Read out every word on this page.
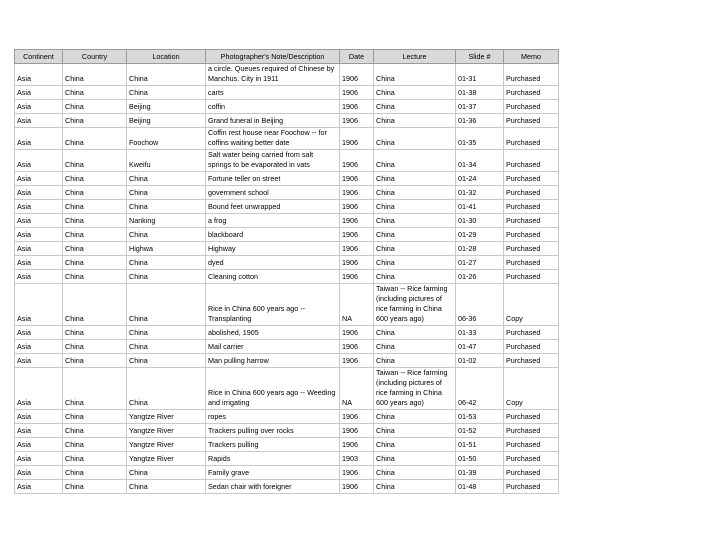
Continent	Country	Location	Photographer's Note/Description	Date	Lecture	Slide #	Memo
Asia	China	China	a circle. Queues required of Chinese by Manchus. City in 1911	1906	China	01-31	Purchased
Asia	China	China	carts	1906	China	01-38	Purchased
Asia	China	Beijing	coffin	1906	China	01-37	Purchased
Asia	China	Beijing	Grand funeral in Beijing	1906	China	01-36	Purchased
Asia	China	Foochow	Coffin rest house near Foochow -- for coffins waiting better date	1906	China	01-35	Purchased
Asia	China	Kweifu	Salt water being carried from salt springs to be evaporated in vats	1906	China	01-34	Purchased
Asia	China	China	Fortune teller on street	1906	China	01-24	Purchased
Asia	China	China	government school	1906	China	01-32	Purchased
Asia	China	China	Bound feet unwrapped	1906	China	01-41	Purchased
Asia	China	Nanking	a frog	1906	China	01-30	Purchased
Asia	China	China	blackboard	1906	China	01-29	Purchased
Asia	China	Highwa	Highway	1906	China	01-28	Purchased
Asia	China	China	dyed	1906	China	01-27	Purchased
Asia	China	China	Cleaning cotton	1906	China	01-26	Purchased
Asia	China	China	Rice in China 600 years ago -- Transplanting	NA	Taiwan -- Rice farming (including pictures of rice farming in China 600 years ago)	06-36	Copy
Asia	China	China	abolished, 1905	1906	China	01-33	Purchased
Asia	China	China	Mail carrier	1906	China	01-47	Purchased
Asia	China	China	Man pulling harrow	1906	China	01-02	Purchased
Asia	China	China	Rice in China 600 years ago -- Weeding and irrigating	NA	Taiwan -- Rice farming (including pictures of rice farming in China 600 years ago)	06-42	Copy
Asia	China	Yangtze River	ropes	1906	China	01-53	Purchased
Asia	China	Yangtze River	Trackers pulling over rocks	1906	China	01-52	Purchased
Asia	China	Yangtze River	Trackers pulling	1906	China	01-51	Purchased
Asia	China	Yangtze River	Rapids	1903	China	01-50	Purchased
Asia	China	China	Family grave	1906	China	01-39	Purchased
Asia	China	China	Sedan chair with foreigner	1906	China	01-48	Purchased
